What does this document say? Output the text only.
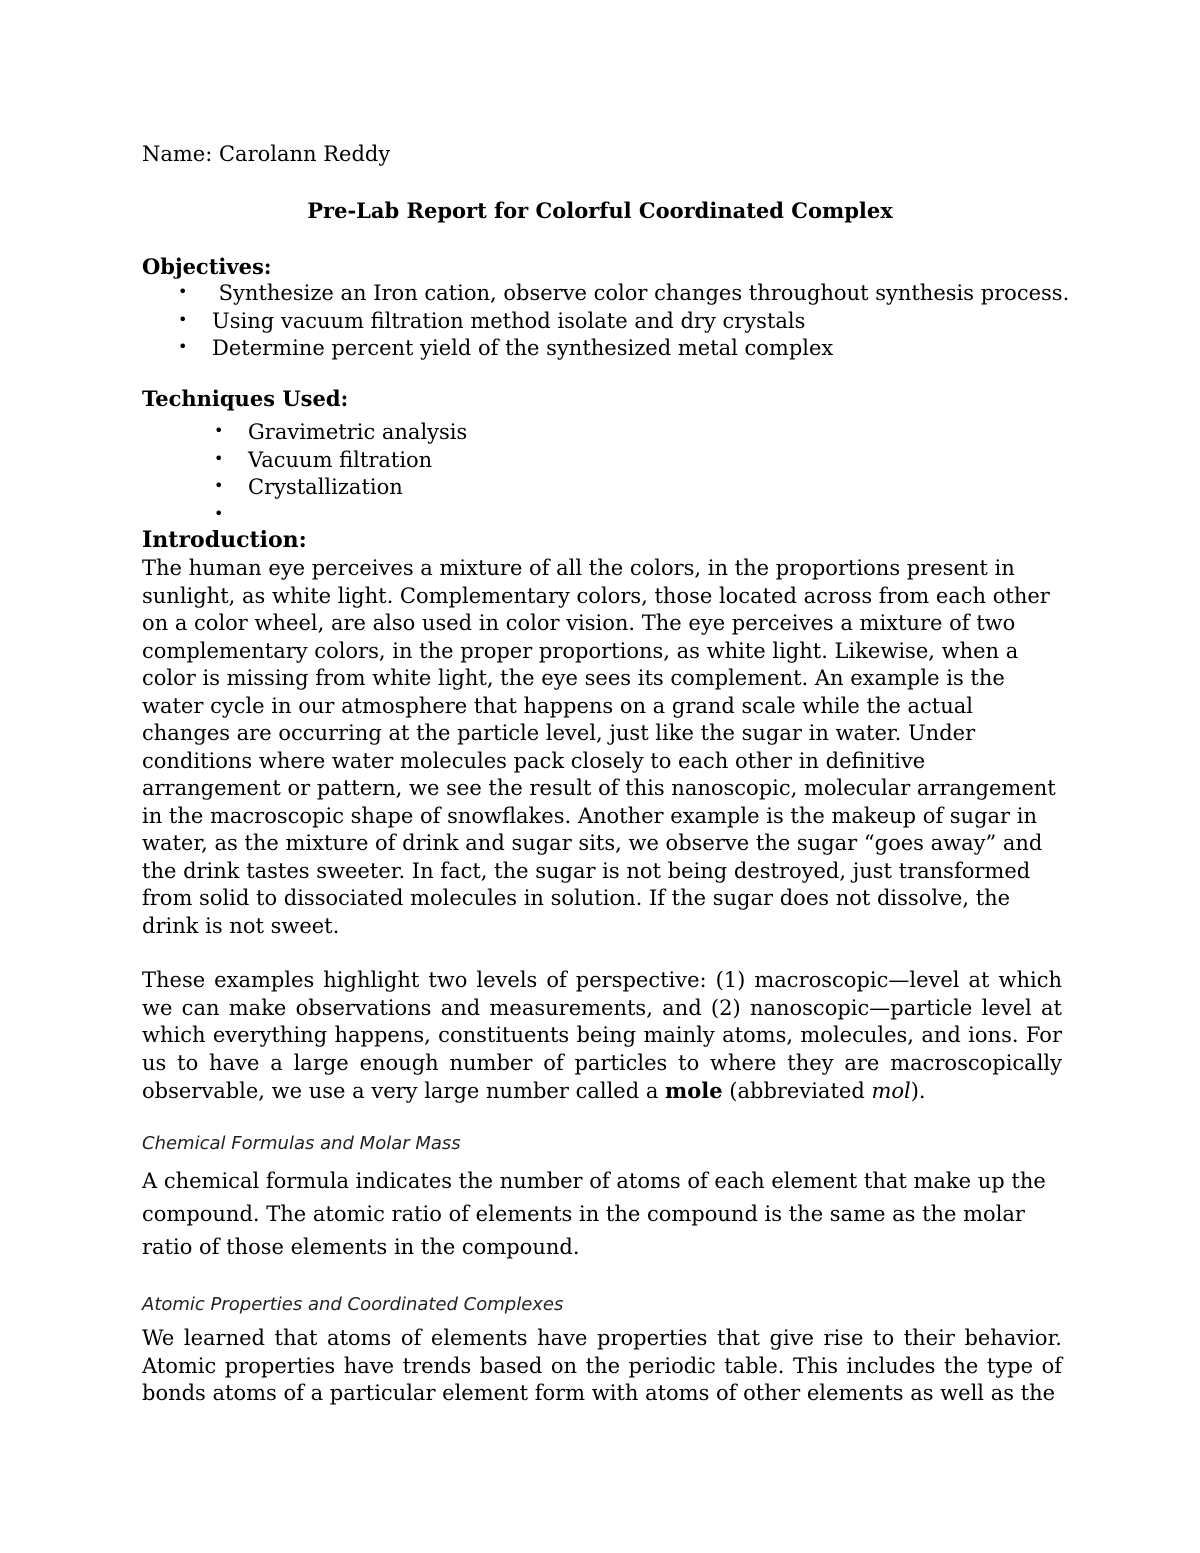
Name: Carolann Reddy
Pre-Lab Report for Colorful Coordinated Complex
Objectives:
• Synthesize an Iron cation, observe color changes throughout synthesis process.
• Using vacuum filtration method isolate and dry crystals
• Determine percent yield of the synthesized metal complex
Techniques Used:
• Gravimetric analysis
• Vacuum filtration
• Crystallization
•
Introduction:
The human eye perceives a mixture of all the colors, in the proportions present in sunlight, as white light. Complementary colors, those located across from each other on a color wheel, are also used in color vision. The eye perceives a mixture of two complementary colors, in the proper proportions, as white light. Likewise, when a color is missing from white light, the eye sees its complement. An example is the water cycle in our atmosphere that happens on a grand scale while the actual changes are occurring at the particle level, just like the sugar in water. Under conditions where water molecules pack closely to each other in definitive arrangement or pattern, we see the result of this nanoscopic, molecular arrangement in the macroscopic shape of snowflakes. Another example is the makeup of sugar in water, as the mixture of drink and sugar sits, we observe the sugar “goes away” and the drink tastes sweeter. In fact, the sugar is not being destroyed, just transformed from solid to dissociated molecules in solution. If the sugar does not dissolve, the drink is not sweet.
These examples highlight two levels of perspective: (1) macroscopic—level at which we can make observations and measurements, and (2) nanoscopic—particle level at which everything happens, constituents being mainly atoms, molecules, and ions. For us to have a large enough number of particles to where they are macroscopically observable, we use a very large number called a mole (abbreviated mol).
Chemical Formulas and Molar Mass
A chemical formula indicates the number of atoms of each element that make up the compound. The atomic ratio of elements in the compound is the same as the molar ratio of those elements in the compound.
Atomic Properties and Coordinated Complexes
We learned that atoms of elements have properties that give rise to their behavior. Atomic properties have trends based on the periodic table. This includes the type of bonds atoms of a particular element form with atoms of other elements as well as the
